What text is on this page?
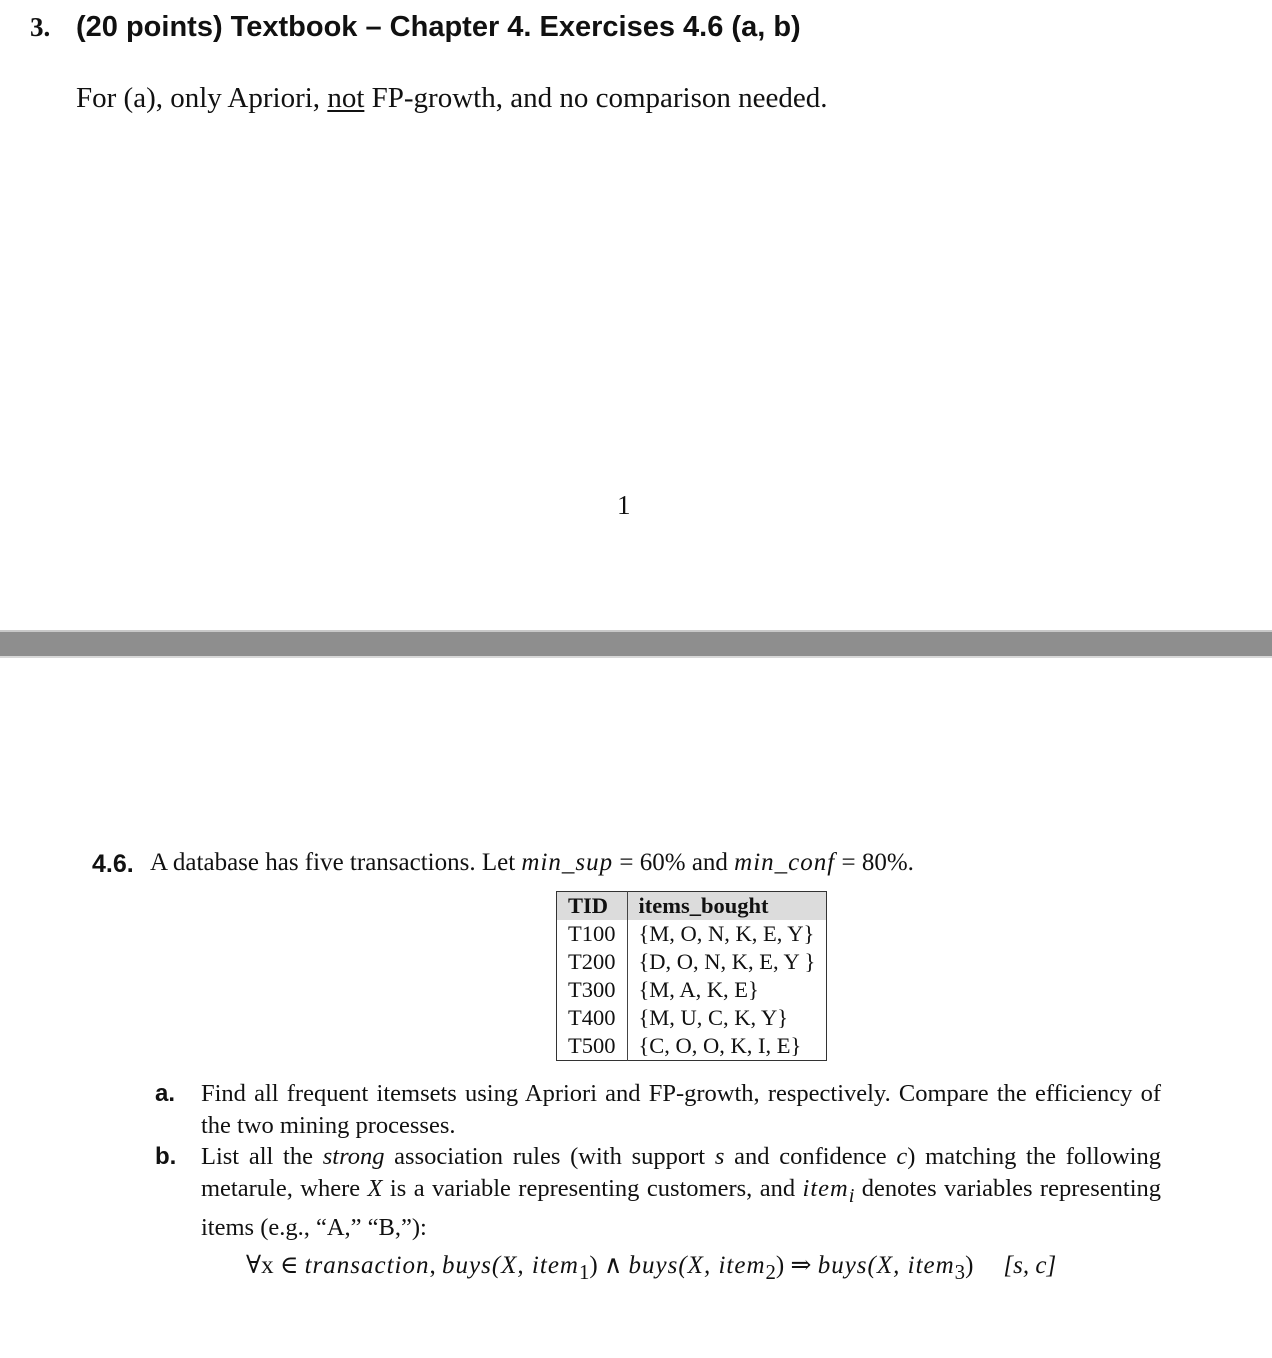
3. (20 points) Textbook – Chapter 4. Exercises 4.6 (a, b)
For (a), only Apriori, not FP-growth, and no comparison needed.
1
4.6. A database has five transactions. Let min_sup = 60% and min_conf = 80%.
TID	items_bought
T100	{M, O, N, K, E, Y}
T200	{D, O, N, K, E, Y }
T300	{M, A, K, E}
T400	{M, U, C, K, Y}
T500	{C, O, O, K, I, E}
a. Find all frequent itemsets using Apriori and FP-growth, respectively. Compare the efficiency of the two mining processes.
b. List all the strong association rules (with support s and confidence c) matching the following metarule, where X is a variable representing customers, and item$_i$ denotes variables representing items (e.g., “A,” “B,”):
∀x ∈ transaction, buys(X, item$_1$) ∧ buys(X, item$_2$) ⇒ buys(X, item$_3$) [s, c]
